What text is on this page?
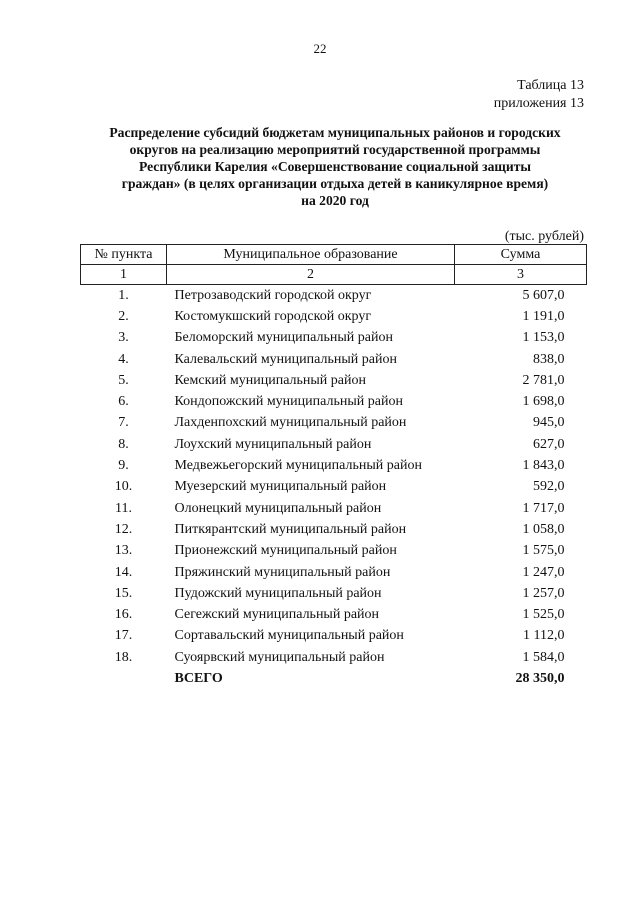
22
Таблица 13
приложения 13
Распределение субсидий бюджетам муниципальных районов и городских
округов на реализацию мероприятий государственной программы
Республики Карелия «Совершенствование социальной защиты
граждан» (в целях организации отдыха детей в каникулярное время)
на 2020 год
(тыс. рублей)
№ пункта	Муниципальное образование	Сумма
1	2	3
1.	Петрозаводский городской округ	5 607,0
2.	Костомукшский городской округ	1 191,0
3.	Беломорский муниципальный район	1 153,0
4.	Калевальский муниципальный район	838,0
5.	Кемский муниципальный район	2 781,0
6.	Кондопожский муниципальный район	1 698,0
7.	Лахденпохский муниципальный район	945,0
8.	Лоухский муниципальный район	627,0
9.	Медвежьегорский муниципальный район	1 843,0
10.	Муезерский муниципальный район	592,0
11.	Олонецкий муниципальный район	1 717,0
12.	Питкярантский муниципальный район	1 058,0
13.	Прионежский муниципальный район	1 575,0
14.	Пряжинский муниципальный район	1 247,0
15.	Пудожский муниципальный район	1 257,0
16.	Сегежский муниципальный район	1 525,0
17.	Сортавальский муниципальный район	1 112,0
18.	Суоярвский муниципальный район	1 584,0
	ВСЕГО	28 350,0
